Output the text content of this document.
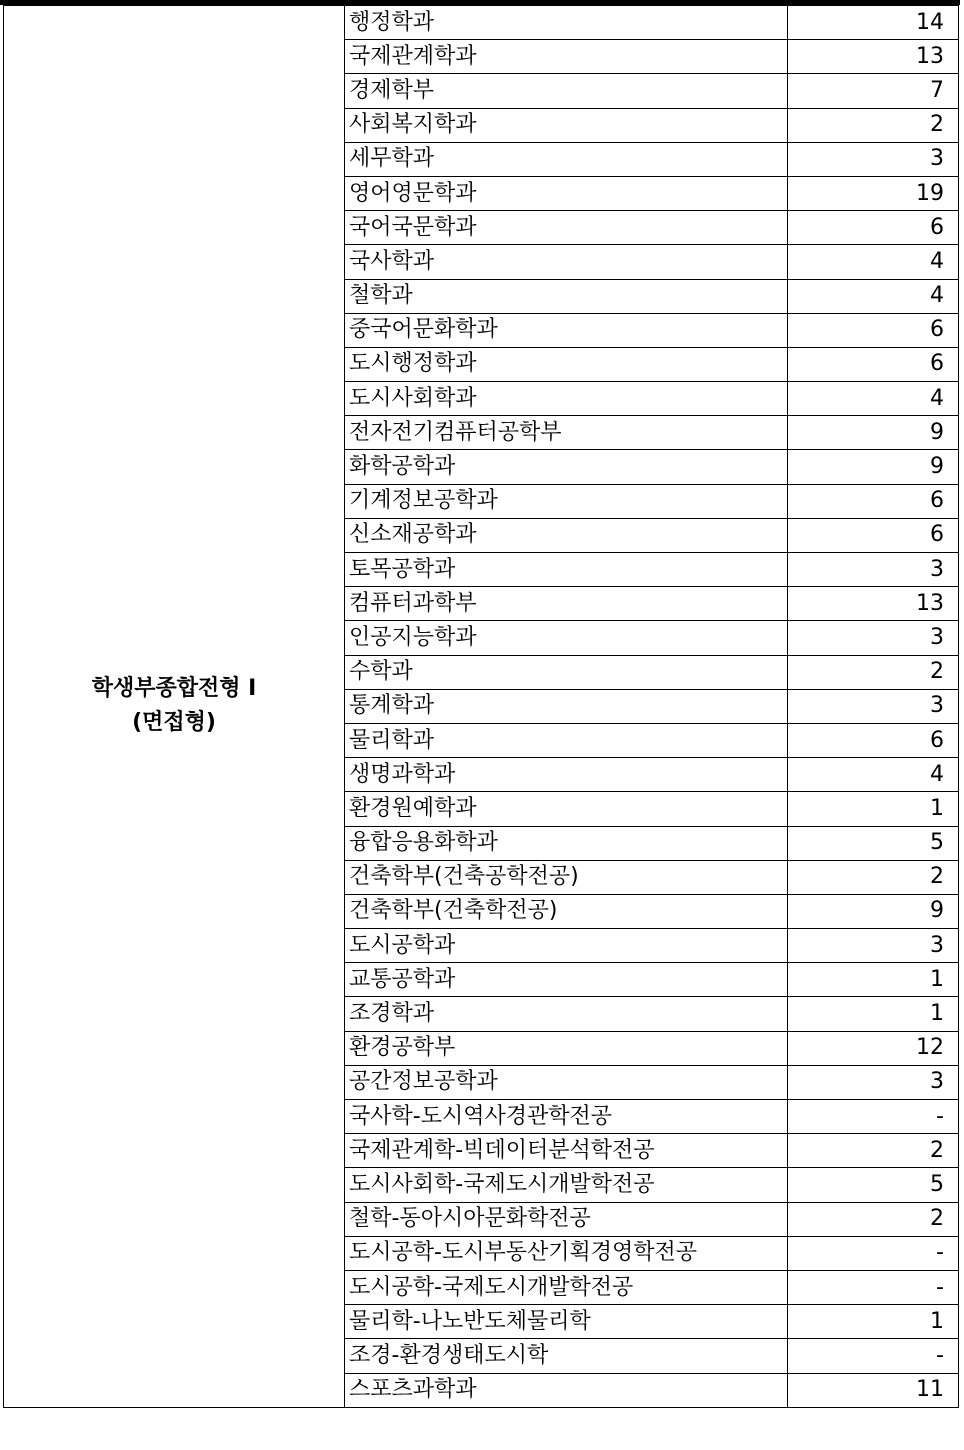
학생부종합전형 I
(면접형)	행정학과	14
	국제관계학과	13
	경제학부	7
	사회복지학과	2
	세무학과	3
	영어영문학과	19
	국어국문학과	6
	국사학과	4
	철학과	4
	중국어문화학과	6
	도시행정학과	6
	도시사회학과	4
	전자전기컴퓨터공학부	9
	화학공학과	9
	기계정보공학과	6
	신소재공학과	6
	토목공학과	3
	컴퓨터과학부	13
	인공지능학과	3
	수학과	2
	통계학과	3
	물리학과	6
	생명과학과	4
	환경원예학과	1
	융합응용화학과	5
	건축학부(건축공학전공)	2
	건축학부(건축학전공)	9
	도시공학과	3
	교통공학과	1
	조경학과	1
	환경공학부	12
	공간정보공학과	3
	국사학-도시역사경관학전공	-
	국제관계학-빅데이터분석학전공	2
	도시사회학-국제도시개발학전공	5
	철학-동아시아문화학전공	2
	도시공학-도시부동산기획경영학전공	-
	도시공학-국제도시개발학전공	-
	물리학-나노반도체물리학	1
	조경-환경생태도시학	-
	스포츠과학과	11
